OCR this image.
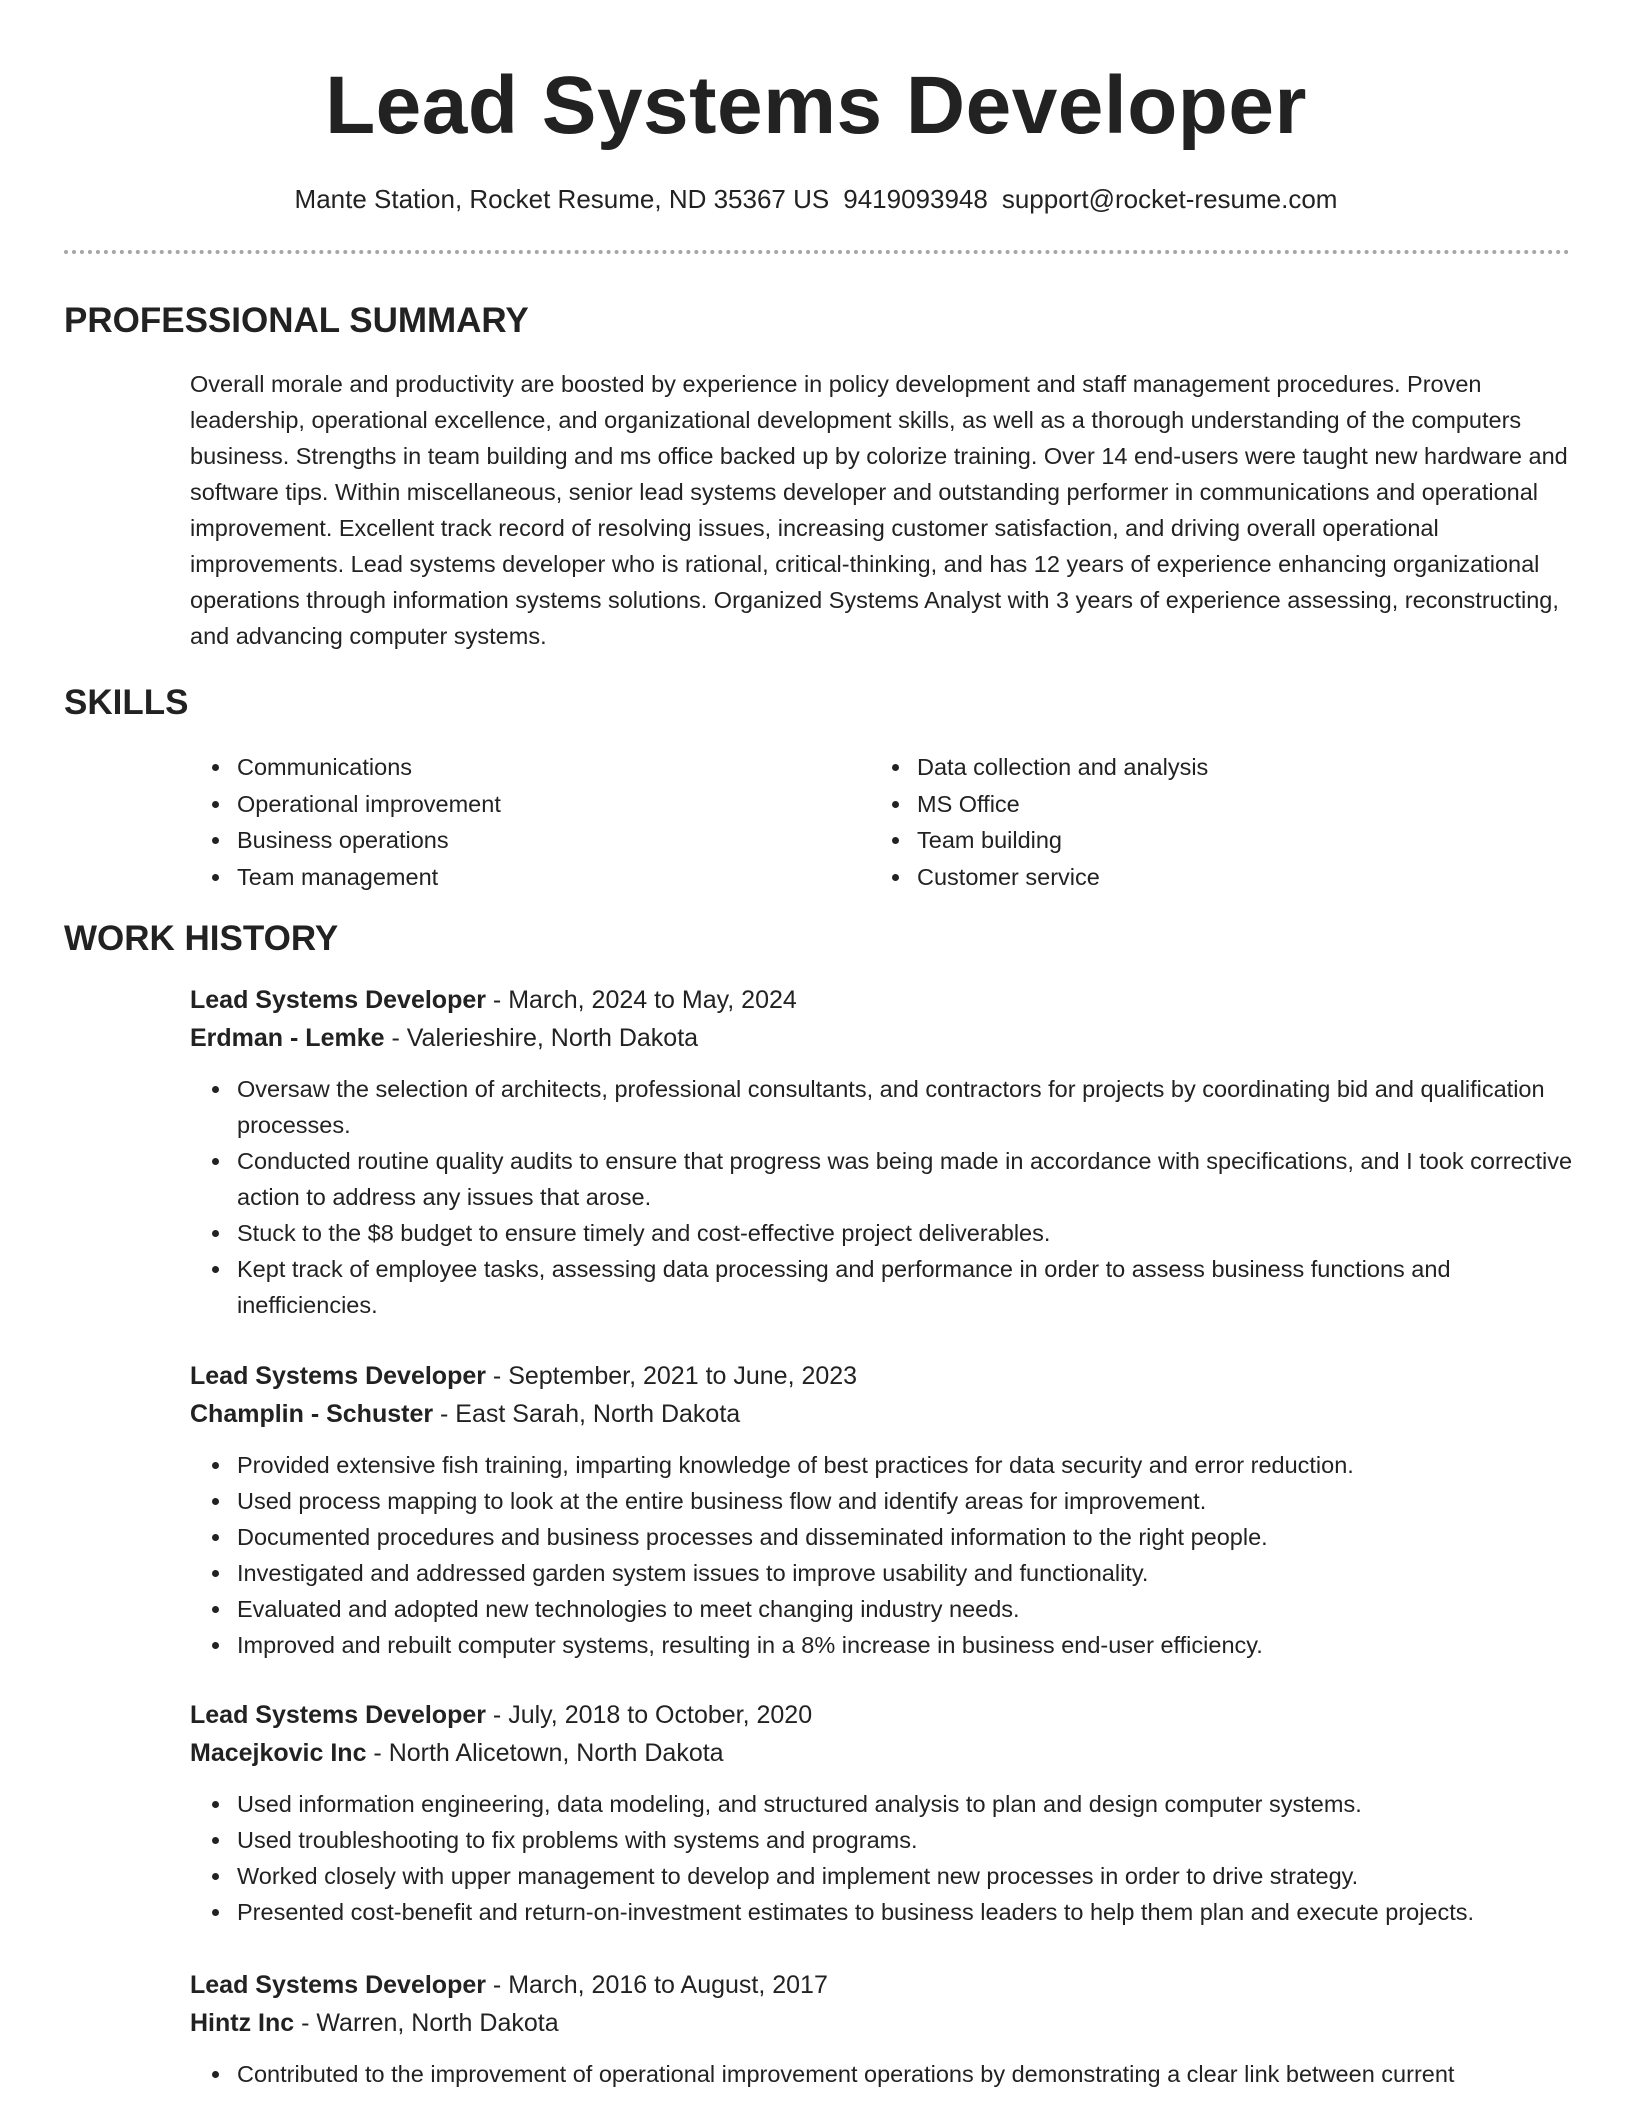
Lead Systems Developer
Mante Station, Rocket Resume, ND 35367 US 9419093948 support@rocket-resume.com
PROFESSIONAL SUMMARY

Overall morale and productivity are boosted by experience in policy development and staff management procedures. Proven leadership, operational excellence, and organizational development skills, as well as a thorough understanding of the computers business. Strengths in team building and ms office backed up by colorize training. Over 14 end-users were taught new hardware and software tips. Within miscellaneous, senior lead systems developer and outstanding performer in communications and operational improvement. Excellent track record of resolving issues, increasing customer satisfaction, and driving overall operational improvements. Lead systems developer who is rational, critical-thinking, and has 12 years of experience enhancing organizational operations through information systems solutions. Organized Systems Analyst with 3 years of experience assessing, reconstructing, and advancing computer systems.

SKILLS
• Communications
• Operational improvement
• Business operations
• Team management
• Data collection and analysis
• MS Office
• Team building
• Customer service
WORK HISTORY
Lead Systems Developer - March, 2024 to May, 2024
Erdman - Lemke - Valerieshire, North Dakota
• Oversaw the selection of architects, professional consultants, and contractors for projects by coordinating bid and qualification processes.
• Conducted routine quality audits to ensure that progress was being made in accordance with specifications, and I took corrective action to address any issues that arose.
• Stuck to the $8 budget to ensure timely and cost-effective project deliverables.
• Kept track of employee tasks, assessing data processing and performance in order to assess business functions and inefficiencies.
Lead Systems Developer - September, 2021 to June, 2023
Champlin - Schuster - East Sarah, North Dakota
• Provided extensive fish training, imparting knowledge of best practices for data security and error reduction.
• Used process mapping to look at the entire business flow and identify areas for improvement.
• Documented procedures and business processes and disseminated information to the right people.
• Investigated and addressed garden system issues to improve usability and functionality.
• Evaluated and adopted new technologies to meet changing industry needs.
• Improved and rebuilt computer systems, resulting in a 8% increase in business end-user efficiency.
Lead Systems Developer - July, 2018 to October, 2020
Macejkovic Inc - North Alicetown, North Dakota
• Used information engineering, data modeling, and structured analysis to plan and design computer systems.
• Used troubleshooting to fix problems with systems and programs.
• Worked closely with upper management to develop and implement new processes in order to drive strategy.
• Presented cost-benefit and return-on-investment estimates to business leaders to help them plan and execute projects.
Lead Systems Developer - March, 2016 to August, 2017
Hintz Inc - Warren, North Dakota
• Contributed to the improvement of operational improvement operations by demonstrating a clear link between current
